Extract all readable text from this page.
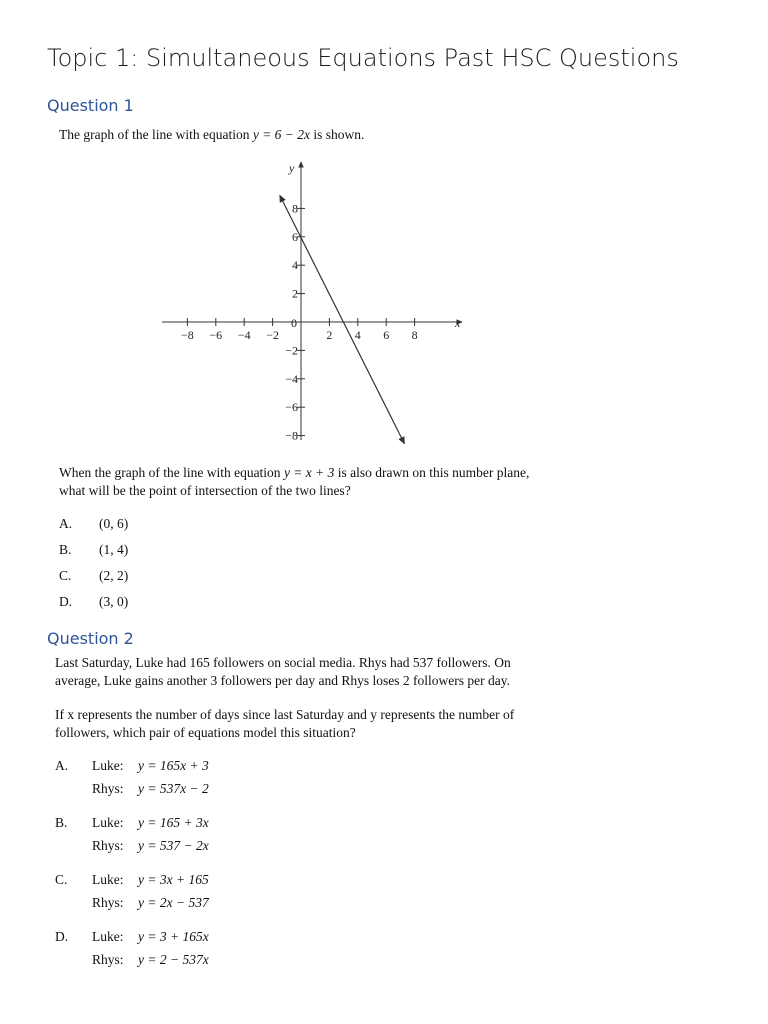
Topic 1: Simultaneous Equations Past HSC Questions
Question 1
The graph of the line with equation y = 6 − 2x is shown.
x
y
0
−8 −6 −4 −2	2 4 6 8
8
6
4
2
−2
−4
−6
−8
When the graph of the line with equation y = x + 3 is also drawn on this number plane,
what will be the point of intersection of the two lines?
A. (0, 6)
B. (1, 4)
C. (2, 2)
D. (3, 0)
Question 2
Last Saturday, Luke had 165 followers on social media. Rhys had 537 followers. On
average, Luke gains another 3 followers per day and Rhys loses 2 followers per day.
If x represents the number of days since last Saturday and y represents the number of
followers, which pair of equations model this situation?
A. Luke: y = 165x + 3
Rhys: y = 537x − 2
B. Luke: y = 165 + 3x
Rhys: y = 537 − 2x
C. Luke: y = 3x + 165
Rhys: y = 2x − 537
D. Luke: y = 3 + 165x
Rhys: y = 2 − 537x
